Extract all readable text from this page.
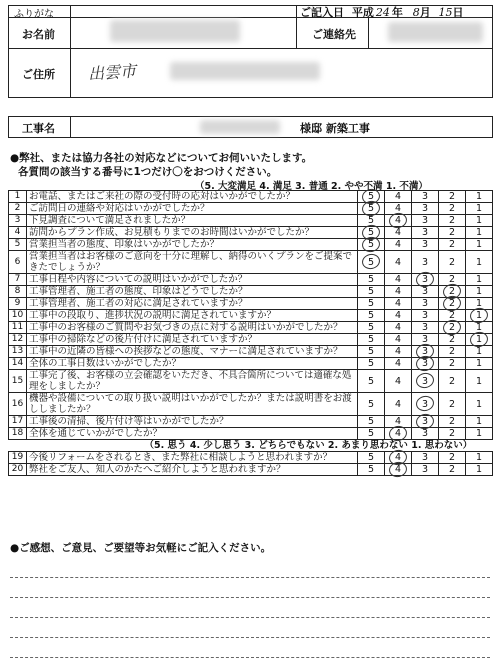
ふりがな
お名前
ご記入日 平成 24 年 8月 15日
ご連絡先
ご住所 出雲市
工事名	様邸 新築工事
●弊社、または協力各社の対応などについてお伺いいたします。
各質問の該当する番号に1つだけ〇をおつけください。
（5. 大変満足 4. 満足 3. 普通 2. やや不満 1. 不満）
1	お電話、またはご来社の際の受付時の応対はいかがでしたか？	5	4	3	2	1
2	ご訪問日の連絡や対応はいかがでしたか？	5	4	3	2	1
3	下見調査について満足されましたか？	5	4	3	2	1
4	訪問からプラン作成、お見積もりまでのお時間はいかがでしたか？	5	4	3	2	1
5	営業担当者の態度、印象はいかがでしたか？	5	4	3	2	1
6	営業担当者はお客様のご意向を十分に理解し、納得のいくプランをご提案できたでしょうか？	5	4	3	2	1
7	工事日程や内容についての説明はいかがでしたか？	5	4	3	2	1
8	工事管理者、施工者の態度、印象はどうでしたか？	5	4	3	2	1
9	工事管理者、施工者の対応に満足されていますか？	5	4	3	2	1
10	工事中の段取り、進捗状況の説明に満足されていますか？	5	4	3	2	1

11	工事中のお客様のご質問やお気づきの点に対する説明はいかがでしたか？	5	4	3	2	1
12	工事中の掃除などの後片付けに満足されていますか？	5	4	3	2	1

13	工事中の近隣の皆様への挨拶などの態度、マナーに満足されていますか？	5	4	3	2	1
14	全体の工事日数はいかがでしたか？	5	4	3	2	1
15	工事完了後、お客様の立会確認をいただき、不具合箇所については適確な処理をしましたか？	5	4	3	2	1
16	機器や設備についての取り扱い説明はいかがでしたか？または説明書をお渡ししましたか？	5	4	3	2	1
17	工事後の清掃、後片付け等はいかがでしたか？	5	4	3	2	1
18	全体を通じていかがでしたか？	5	4	3	2	1

（5. 思う 4. 少し思う 3. どちらでもない 2. あまり思わない 1. 思わない）						

19	今後リフォームをされるとき、また弊社に相談しようと思われますか？	5	4	3	2	1
20	弊社をご友人、知人のかたへご紹介しようと思われますか？	5	4	3	2	1
●ご感想、ご意見、ご要望等お気軽にご記入ください。
